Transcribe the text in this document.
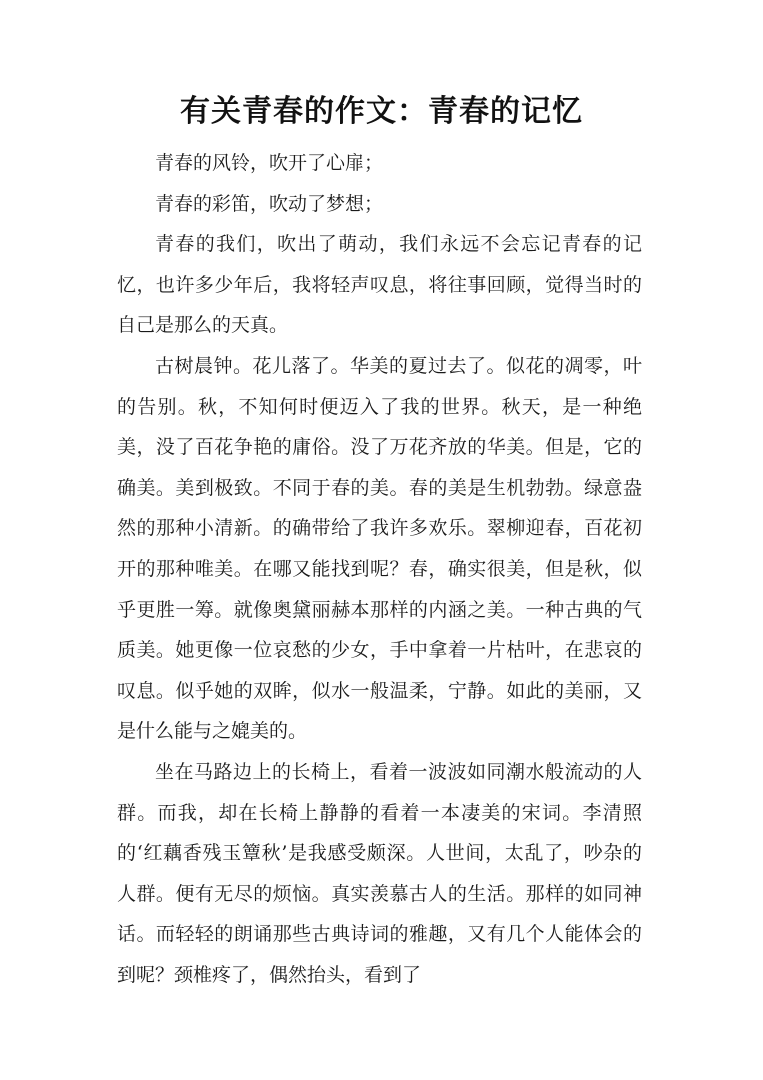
有关青春的作文：青春的记忆

青春的风铃，吹开了心扉；

青春的彩笛，吹动了梦想；

青春的我们，吹出了萌动，我们永远不会忘记青春的记忆，也许多少年后，我将轻声叹息，将往事回顾，觉得当时的自己是那么的天真。

古树晨钟。花儿落了。华美的夏过去了。似花的凋零，叶的告别。秋，不知何时便迈入了我的世界。秋天，是一种绝美，没了百花争艳的庸俗。没了万花齐放的华美。但是，它的确美。美到极致。不同于春的美。春的美是生机勃勃。绿意盎然的那种小清新。的确带给了我许多欢乐。翠柳迎春，百花初开的那种唯美。在哪又能找到呢？春，确实很美，但是秋，似乎更胜一筹。就像奥黛丽赫本那样的内涵之美。一种古典的气质美。她更像一位哀愁的少女，手中拿着一片枯叶，在悲哀的叹息。似乎她的双眸，似水一般温柔，宁静。如此的美丽，又是什么能与之媲美的。

坐在马路边上的长椅上，看着一波波如同潮水般流动的人群。而我，却在长椅上静静的看着一本凄美的宋词。李清照的‘红藕香残玉簟秋’是我感受颇深。人世间，太乱了，吵杂的人群。便有无尽的烦恼。真实羡慕古人的生活。那样的如同神话。而轻轻的朗诵那些古典诗词的雅趣，又有几个人能体会的到呢？颈椎疼了，偶然抬头，看到了
